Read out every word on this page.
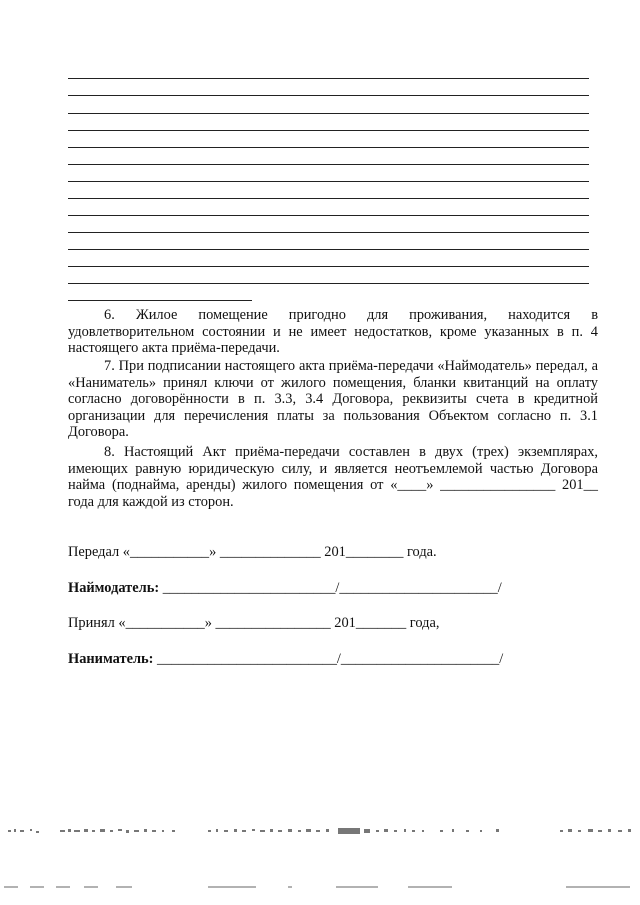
6. Жилое помещение пригодно для проживания, находится в удовлетворительном состоянии и не имеет недостатков, кроме указанных в п. 4 настоящего акта приёма-передачи.
7. При подписании настоящего акта приёма-передачи «Наймодатель» передал, а «Наниматель» принял ключи от жилого помещения, бланки квитанций на оплату согласно договорённости в п. 3.3, 3.4 Договора, реквизиты счета в кредитной организации для перечисления платы за пользования Объектом согласно п. 3.1 Договора.
8. Настоящий Акт приёма-передачи составлен в двух (трех) экземплярах, имеющих равную юридическую силу, и является неотъемлемой частью Договора найма (поднайма, аренды) жилого помещения от «____» ________________ 201__ года для каждой из сторон.
Передал «___________» ______________ 201________ года.
Наймодатель: ________________________/______________________/
Принял «___________» ________________ 201_______ года,
Наниматель: _________________________/______________________/
